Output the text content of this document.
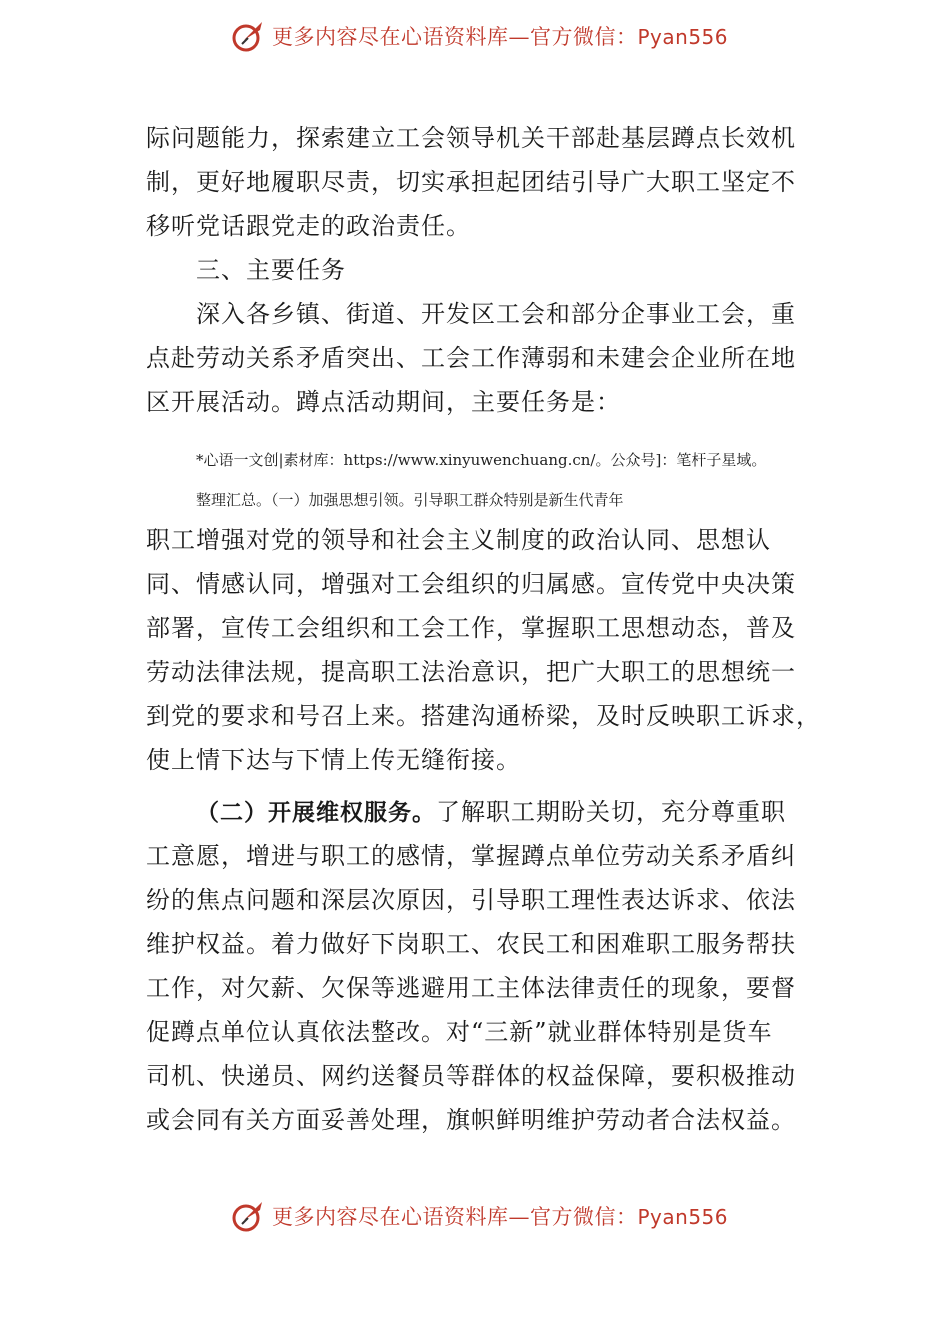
更多内容尽在心语资料库—官方微信：Pyan556
际问题能力，探索建立工会领导机关干部赴基层蹲点长效机
制，更好地履职尽责，切实承担起团结引导广大职工坚定不
移听党话跟党走的政治责任。
三、主要任务
深入各乡镇、街道、开发区工会和部分企事业工会，重
点赴劳动关系矛盾突出、工会工作薄弱和未建会企业所在地
区开展活动。蹲点活动期间，主要任务是：
*心语一文创|素材库：https://www.xinyuwenchuang.cn/。公众号]：笔杆子星域。
整理汇总。（一）加强思想引领。引导职工群众特别是新生代青年
职工增强对党的领导和社会主义制度的政治认同、思想认
同、情感认同，增强对工会组织的归属感。宣传党中央决策
部署，宣传工会组织和工会工作，掌握职工思想动态，普及
劳动法律法规，提高职工法治意识，把广大职工的思想统一
到党的要求和号召上来。搭建沟通桥梁，及时反映职工诉求，
使上情下达与下情上传无缝衔接。
（二）开展维权服务。了解职工期盼关切，充分尊重职
工意愿，增进与职工的感情，掌握蹲点单位劳动关系矛盾纠
纷的焦点问题和深层次原因，引导职工理性表达诉求、依法
维护权益。着力做好下岗职工、农民工和困难职工服务帮扶
工作，对欠薪、欠保等逃避用工主体法律责任的现象，要督
促蹲点单位认真依法整改。对“三新”就业群体特别是货车
司机、快递员、网约送餐员等群体的权益保障，要积极推动
或会同有关方面妥善处理，旗帜鲜明维护劳动者合法权益。
更多内容尽在心语资料库—官方微信：Pyan556
